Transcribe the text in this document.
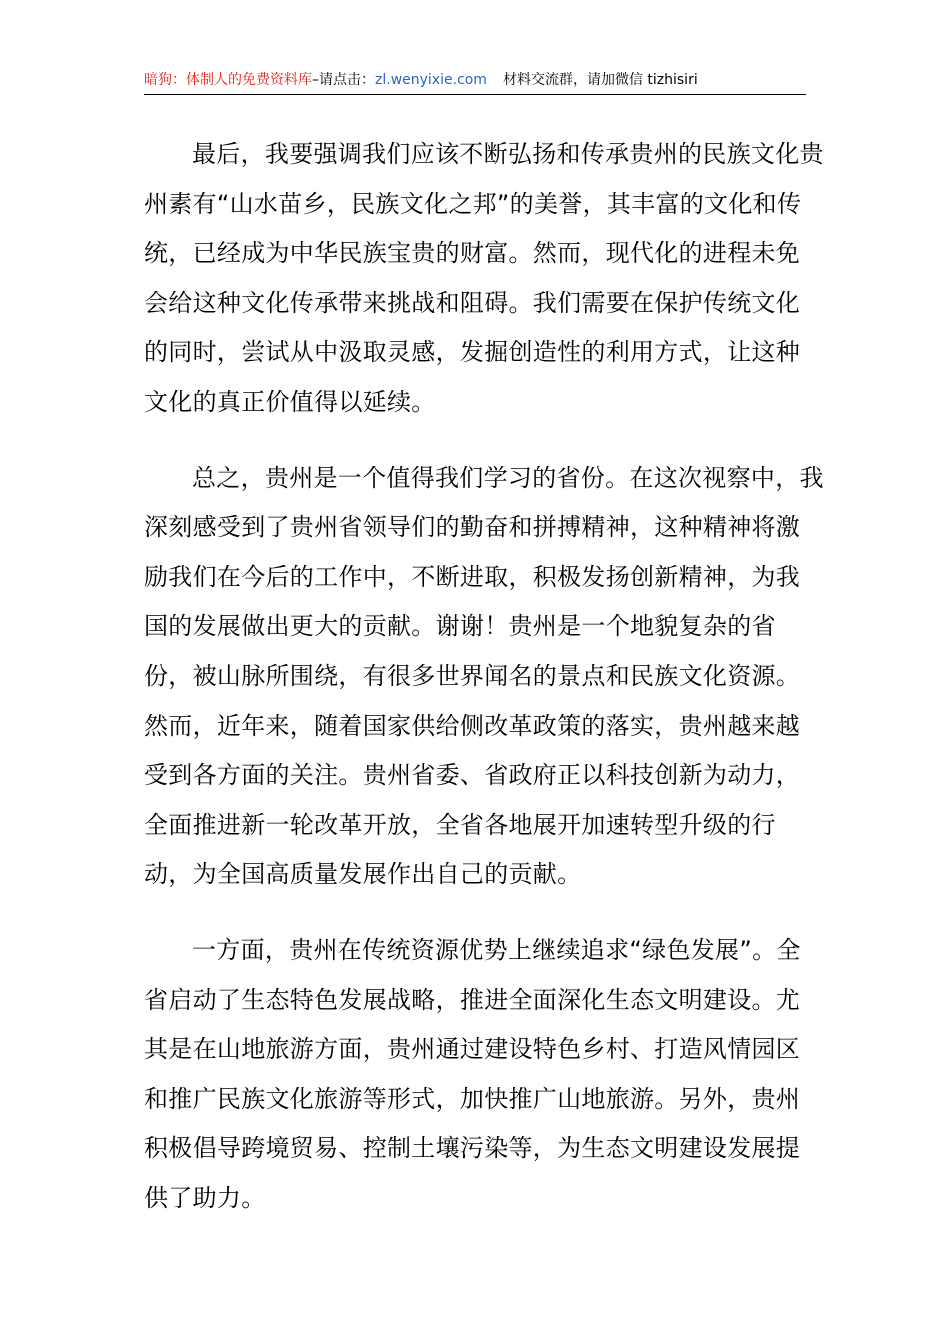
暗狗：体制人的免费资料库–请点击：zl.wenyixie.com 材料交流群，请加微信 tizhisiri

最后，我要强调我们应该不断弘扬和传承贵州的民族文化贵州素有“山水苗乡，民族文化之邦”的美誉，其丰富的文化和传统，已经成为中华民族宝贵的财富。然而，现代化的进程未免会给这种文化传承带来挑战和阻碍。我们需要在保护传统文化的同时，尝试从中汲取灵感，发掘创造性的利用方式，让这种文化的真正价值得以延续。

总之，贵州是一个值得我们学习的省份。在这次视察中，我深刻感受到了贵州省领导们的勤奋和拼搏精神，这种精神将激励我们在今后的工作中，不断进取，积极发扬创新精神，为我国的发展做出更大的贡献。谢谢！贵州是一个地貌复杂的省份，被山脉所围绕，有很多世界闻名的景点和民族文化资源。然而，近年来，随着国家供给侧改革政策的落实，贵州越来越受到各方面的关注。贵州省委、省政府正以科技创新为动力，全面推进新一轮改革开放，全省各地展开加速转型升级的行动，为全国高质量发展作出自己的贡献。

一方面，贵州在传统资源优势上继续追求“绿色发展”。全省启动了生态特色发展战略，推进全面深化生态文明建设。尤其是在山地旅游方面，贵州通过建设特色乡村、打造风情园区和推广民族文化旅游等形式，加快推广山地旅游。另外，贵州积极倡导跨境贸易、控制土壤污染等，为生态文明建设发展提供了助力。
